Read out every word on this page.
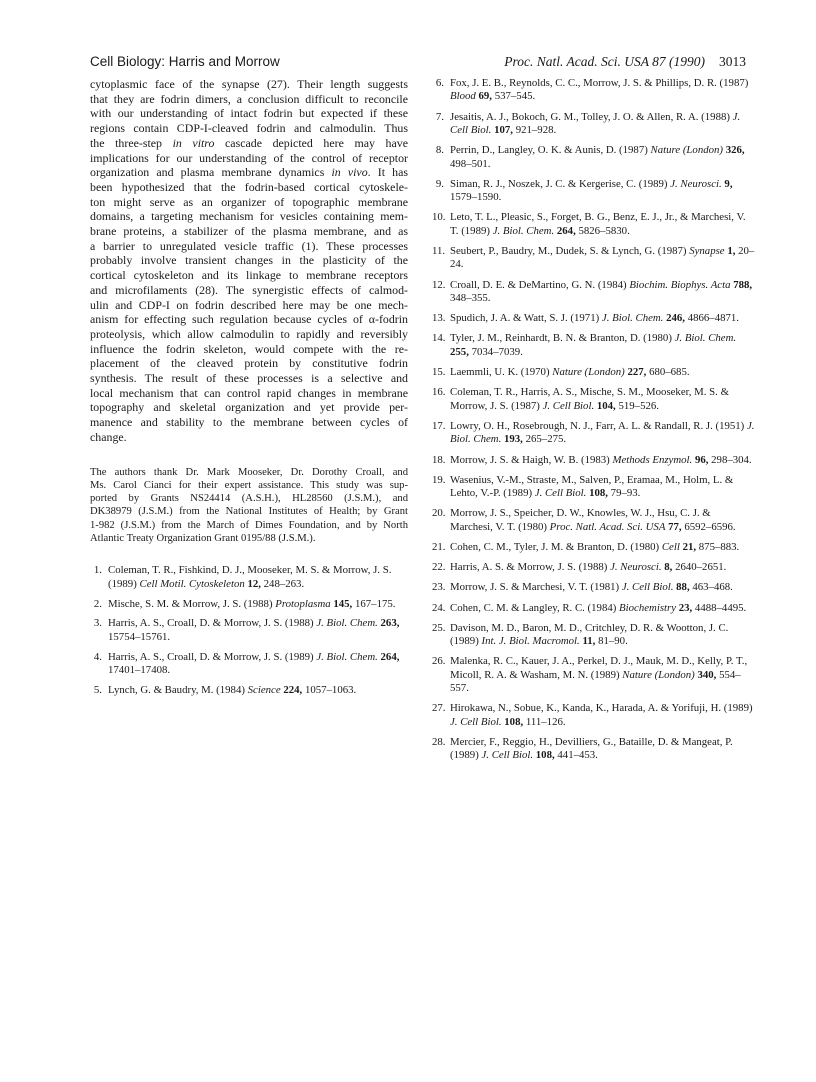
Cell Biology: Harris and Morrow	Proc. Natl. Acad. Sci. USA 87 (1990) 3013
cytoplasmic face of the synapse (27). Their length suggests
that they are fodrin dimers, a conclusion difficult to reconcile
with our understanding of intact fodrin but expected if these
regions contain CDP-I-cleaved fodrin and calmodulin. Thus
the three-step in vitro cascade depicted here may have
implications for our understanding of the control of receptor
organization and plasma membrane dynamics in vivo. It has
been hypothesized that the fodrin-based cortical cytoskele-
ton might serve as an organizer of topographic membrane
domains, a targeting mechanism for vesicles containing mem-
brane proteins, a stabilizer of the plasma membrane, and as
a barrier to unregulated vesicle traffic (1). These processes
probably involve transient changes in the plasticity of the
cortical cytoskeleton and its linkage to membrane receptors
and microfilaments (28). The synergistic effects of calmod-
ulin and CDP-I on fodrin described here may be one mech-
anism for effecting such regulation because cycles of α-fodrin
proteolysis, which allow calmodulin to rapidly and reversibly
influence the fodrin skeleton, would compete with the re-
placement of the cleaved protein by constitutive fodrin
synthesis. The result of these processes is a selective and
local mechanism that can control rapid changes in membrane
topography and skeletal organization and yet provide per-
manence and stability to the membrane between cycles of
change.
The authors thank Dr. Mark Mooseker, Dr. Dorothy Croall, and
Ms. Carol Cianci for their expert assistance. This study was sup-
ported by Grants NS24414 (A.S.H.), HL28560 (J.S.M.), and
DK38979 (J.S.M.) from the National Institutes of Health; by Grant
1-982 (J.S.M.) from the March of Dimes Foundation, and by North
Atlantic Treaty Organization Grant 0195/88 (J.S.M.).
1. Coleman, T. R., Fishkind, D. J., Mooseker, M. S. & Morrow, J. S. (1989) Cell Motil. Cytoskeleton 12, 248–263.
2. Mische, S. M. & Morrow, J. S. (1988) Protoplasma 145, 167–175.
3. Harris, A. S., Croall, D. & Morrow, J. S. (1988) J. Biol. Chem. 263, 15754–15761.
4. Harris, A. S., Croall, D. & Morrow, J. S. (1989) J. Biol. Chem. 264, 17401–17408.
5. Lynch, G. & Baudry, M. (1984) Science 224, 1057–1063.
6. Fox, J. E. B., Reynolds, C. C., Morrow, J. S. & Phillips, D. R. (1987) Blood 69, 537–545.
7. Jesaitis, A. J., Bokoch, G. M., Tolley, J. O. & Allen, R. A. (1988) J. Cell Biol. 107, 921–928.
8. Perrin, D., Langley, O. K. & Aunis, D. (1987) Nature (London) 326, 498–501.
9. Siman, R. J., Noszek, J. C. & Kergerise, C. (1989) J. Neurosci. 9, 1579–1590.
10. Leto, T. L., Pleasic, S., Forget, B. G., Benz, E. J., Jr., & Marchesi, V. T. (1989) J. Biol. Chem. 264, 5826–5830.
11. Seubert, P., Baudry, M., Dudek, S. & Lynch, G. (1987) Synapse 1, 20–24.
12. Croall, D. E. & DeMartino, G. N. (1984) Biochim. Biophys. Acta 788, 348–355.
13. Spudich, J. A. & Watt, S. J. (1971) J. Biol. Chem. 246, 4866–4871.
14. Tyler, J. M., Reinhardt, B. N. & Branton, D. (1980) J. Biol. Chem. 255, 7034–7039.
15. Laemmli, U. K. (1970) Nature (London) 227, 680–685.
16. Coleman, T. R., Harris, A. S., Mische, S. M., Mooseker, M. S. & Morrow, J. S. (1987) J. Cell Biol. 104, 519–526.
17. Lowry, O. H., Rosebrough, N. J., Farr, A. L. & Randall, R. J. (1951) J. Biol. Chem. 193, 265–275.
18. Morrow, J. S. & Haigh, W. B. (1983) Methods Enzymol. 96, 298–304.
19. Wasenius, V.-M., Straste, M., Salven, P., Eramaa, M., Holm, L. & Lehto, V.-P. (1989) J. Cell Biol. 108, 79–93.
20. Morrow, J. S., Speicher, D. W., Knowles, W. J., Hsu, C. J. & Marchesi, V. T. (1980) Proc. Natl. Acad. Sci. USA 77, 6592–6596.
21. Cohen, C. M., Tyler, J. M. & Branton, D. (1980) Cell 21, 875–883.
22. Harris, A. S. & Morrow, J. S. (1988) J. Neurosci. 8, 2640–2651.
23. Morrow, J. S. & Marchesi, V. T. (1981) J. Cell Biol. 88, 463–468.
24. Cohen, C. M. & Langley, R. C. (1984) Biochemistry 23, 4488–4495.
25. Davison, M. D., Baron, M. D., Critchley, D. R. & Wootton, J. C. (1989) Int. J. Biol. Macromol. 11, 81–90.
26. Malenka, R. C., Kauer, J. A., Perkel, D. J., Mauk, M. D., Kelly, P. T., Micoll, R. A. & Washam, M. N. (1989) Nature (London) 340, 554–557.
27. Hirokawa, N., Sobue, K., Kanda, K., Harada, A. & Yorifuji, H. (1989) J. Cell Biol. 108, 111–126.
28. Mercier, F., Reggio, H., Devilliers, G., Bataille, D. & Mangeat, P. (1989) J. Cell Biol. 108, 441–453.
